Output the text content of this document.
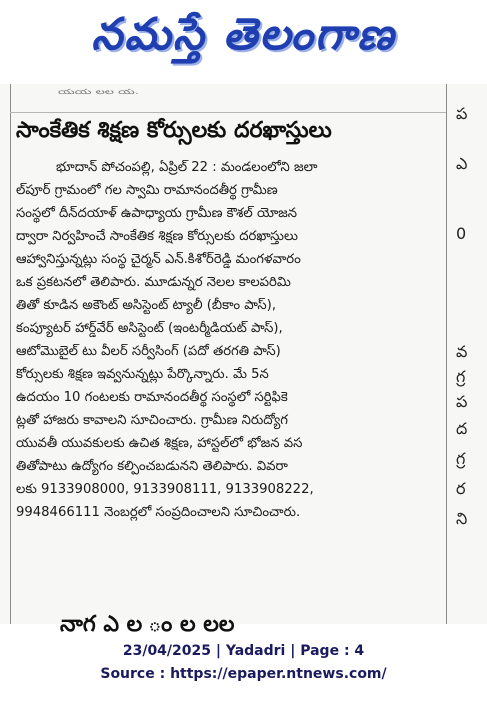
నమస్తే తెలంగాణ
యయ లల య.
సాంకేతిక శిక్షణ కోర్సులకు దరఖాస్తులు
భూదాన్ పోచంపల్లి, ఏప్రిల్ 22 : మండలంలోని జలా
ల్‌పూర్ గ్రామంలో గల స్వామి రామానందతీర్థ గ్రామీణ
సంస్థలో దీన్‌దయాళ్ ఉపాధ్యాయ గ్రామీణ కౌశల్ యోజన
ద్వారా నిర్వహించే సాంకేతిక శిక్షణ కోర్సులకు దరఖాస్తులు
ఆహ్వానిస్తున్నట్లు సంస్థ చైర్మన్ ఎన్.కిశోర్‌రెడ్డి మంగళవారం
ఒక ప్రకటనలో తెలిపారు. మూడున్నర నెలల కాలపరిమి
తితో కూడిన అకౌంట్ అసిస్టెంట్ ట్యాలీ (బీకాం పాస్),
కంప్యూటర్ హార్డ్‌వేర్ అసిస్టెంట్ (ఇంటర్మీడియట్ పాస్),
ఆటోమొబైల్ టు వీలర్ సర్వీసింగ్ (పదో తరగతి పాస్)
కోర్సులకు శిక్షణ ఇవ్వనున్నట్లు పేర్కొన్నారు. మే 5న
ఉదయం 10 గంటలకు రామానందతీర్థ సంస్థలో సర్టిఫికె
ట్లతో హాజరు కావాలని సూచించారు. గ్రామీణ నిరుద్యోగ
యువతీ యువకులకు ఉచిత శిక్షణ, హాస్టల్‌లో భోజన వస
తితోపాటు ఉద్యోగం కల్పించబడునని తెలిపారు. వివరా
లకు 9133908000, 9133908111, 9133908222,
9948466111 నెంబర్లలో సంప్రదించాలని సూచించారు.
నాగ ఎ ల ం ల లల
ప
ఎ
0
వ
గ్ర
ప
ద
గ్ర
ర
ని
23/04/2025 | Yadadri | Page : 4
Source : https://epaper.ntnews.com/
